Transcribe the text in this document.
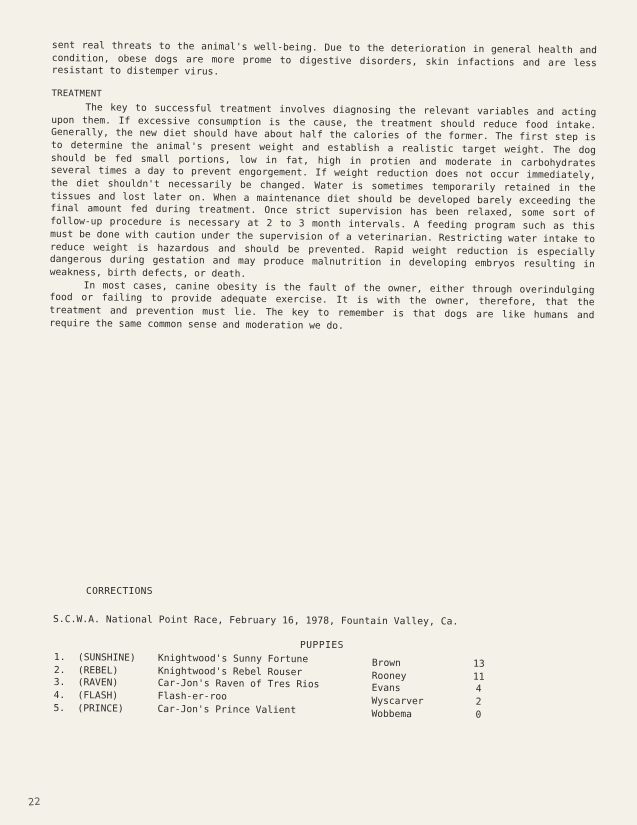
sent real threats to the animal's well-being. Due to the deterioration in general health and condition, obese dogs are more prome to digestive disorders, skin infactions and are less resistant to distemper virus.

TREATMENT

The key to successful treatment involves diagnosing the relevant variables and acting upon them. If excessive consumption is the cause, the treatment should reduce food intake. Generally, the new diet should have about half the calories of the former. The first step is to determine the animal's present weight and establish a realistic target weight. The dog should be fed small portions, low in fat, high in protien and moderate in carbohydrates several times a day to prevent engorgement. If weight reduction does not occur immediately, the diet shouldn't necessarily be changed. Water is sometimes temporarily retained in the tissues and lost later on. When a maintenance diet should be developed barely exceeding the final amount fed during treatment. Once strict supervision has been relaxed, some sort of follow-up procedure is necessary at 2 to 3 month intervals. A feeding program such as this must be done with caution under the supervision of a veterinarian. Restricting water intake to reduce weight is hazardous and should be prevented. Rapid weight reduction is especially dangerous during gestation and may produce malnutrition in developing embryos resulting in weakness, birth defects, or death.

In most cases, canine obesity is the fault of the owner, either through overindulging food or failing to provide adequate exercise. It is with the owner, therefore, that the treatment and prevention must lie. The key to remember is that dogs are like humans and require the same common sense and moderation we do.

CORRECTIONS
S.C.W.A. National Point Race, February 16, 1978, Fountain Valley, Ca.
PUPPIES
1. (SUNSHINE) Knightwood's Sunny Fortune	Brown	13
2. (REBEL)	Knightwood's Rebel Rouser	Rooney	11
3. (RAVEN)	Car-Jon's Raven of Tres Rios	Evans	4
4. (FLASH)	Flash-er-roo	Wyscarver	2
5. (PRINCE)	Car-Jon's Prince Valient	Wobbema	0
22
